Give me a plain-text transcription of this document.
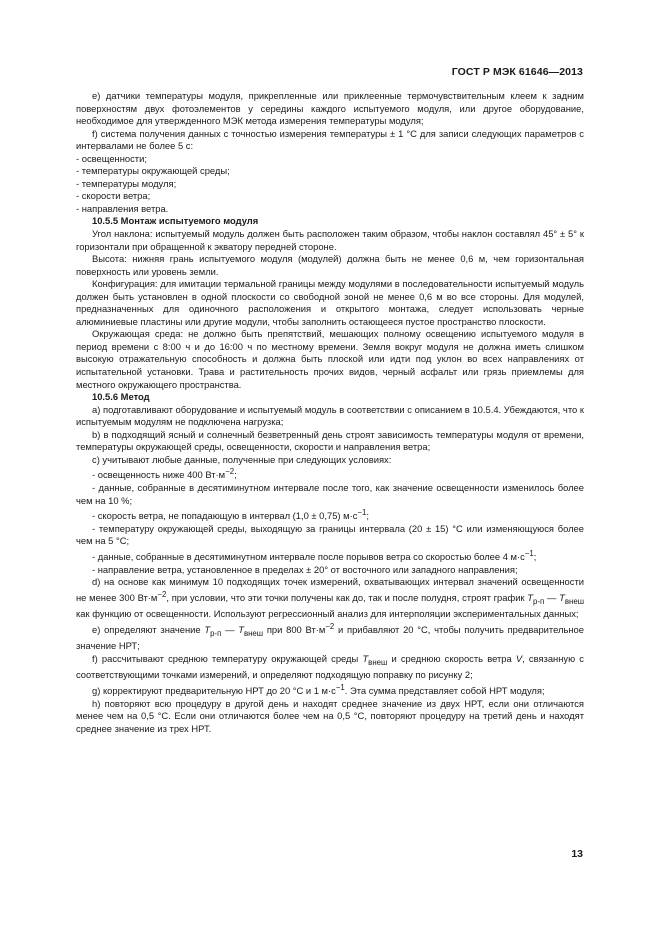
ГОСТ Р МЭК 61646—2013

е) датчики температуры модуля, прикрепленные или приклеенные термочувствительным клеем к задним поверхностям двух фотоэлементов у середины каждого испытуемого модуля, или другое оборудование, необходимое для утвержденного МЭК метода измерения температуры модуля;

f) система получения данных с точностью измерения температуры ± 1 °C для записи следующих параметров с интервалами не более 5 с:

- освещенности;

- температуры окружающей среды;

- температуры модуля;

- скорости ветра;

- направления ветра.

10.5.5 Монтаж испытуемого модуля

Угол наклона: испытуемый модуль должен быть расположен таким образом, чтобы наклон составлял 45° ± 5° к горизонтали при обращенной к экватору передней стороне.

Высота: нижняя грань испытуемого модуля (модулей) должна быть не менее 0,6 м, чем горизонтальная поверхность или уровень земли.

Конфигурация: для имитации термальной границы между модулями в последовательности испытуемый модуль должен быть установлен в одной плоскости со свободной зоной не менее 0,6 м во все стороны. Для модулей, предназначенных для одиночного расположения и открытого монтажа, следует использовать черные алюминиевые пластины или другие модули, чтобы заполнить остающееся пустое пространство плоскости.

Окружающая среда: не должно быть препятствий, мешающих полному освещению испытуемого модуля в период времени с 8:00 ч и до 16:00 ч по местному времени. Земля вокруг модуля не должна иметь слишком высокую отражательную способность и должна быть плоской или идти под уклон во всех направлениях от испытательной установки. Трава и растительность прочих видов, черный асфальт или грязь приемлемы для местного окружающего пространства.

10.5.6 Метод

а) подготавливают оборудование и испытуемый модуль в соответствии с описанием в 10.5.4. Убеждаются, что к испытуемым модулям не подключена нагрузка;

b) в подходящий ясный и солнечный безветренный день строят зависимость температуры модуля от времени, температуры окружающей среды, освещенности, скорости и направления ветра;

с) учитывают любые данные, полученные при следующих условиях:

- освещенность ниже 400 $Вт\cdot м^{-2}$;

- данные, собранные в десятиминутном интервале после того, как значение освещенности изменилось более чем на 10 %;

- скорость ветра, не попадающую в интервал (1,0 ± 0,75) $м\cdot с^{-1}$;

- температуру окружающей среды, выходящую за границы интервала (20 ± 15) °C или изменяющуюся более чем на 5 °C;

- данные, собранные в десятиминутном интервале после порывов ветра со скоростью более 4 $м\cdot с^{-1}$;

- направление ветра, установленное в пределах ± 20° от восточного или западного направления;

d) на основе как минимум 10 подходящих точек измерений, охватывающих интервал значений освещенности не менее 300 $Вт\cdot м^{-2}$, при условии, что эти точки получены как до, так и после полудня, строят график $T_{р-п}$ — $T_{внеш}$ как функцию от освещенности. Используют регрессионный анализ для интерполяции экспериментальных данных;

е) определяют значение $T_{р-п}$ — $T_{внеш}$ при 800 $Вт\cdot м^{-2}$ и прибавляют 20 °C, чтобы получить предварительное значение НРТ;

f) рассчитывают среднюю температуру окружающей среды $T_{внеш}$ и среднюю скорость ветра V, связанную с соответствующими точками измерений, и определяют подходящую поправку по рисунку 2;

g) корректируют предварительную НРТ до 20 °C и 1 $м\cdot с^{-1}$. Эта сумма представляет собой НРТ модуля;

h) повторяют всю процедуру в другой день и находят среднее значение из двух НРТ, если они отличаются менее чем на 0,5 °C. Если они отличаются более чем на 0,5 °C, повторяют процедуру на третий день и находят среднее значение из трех НРТ.

13
